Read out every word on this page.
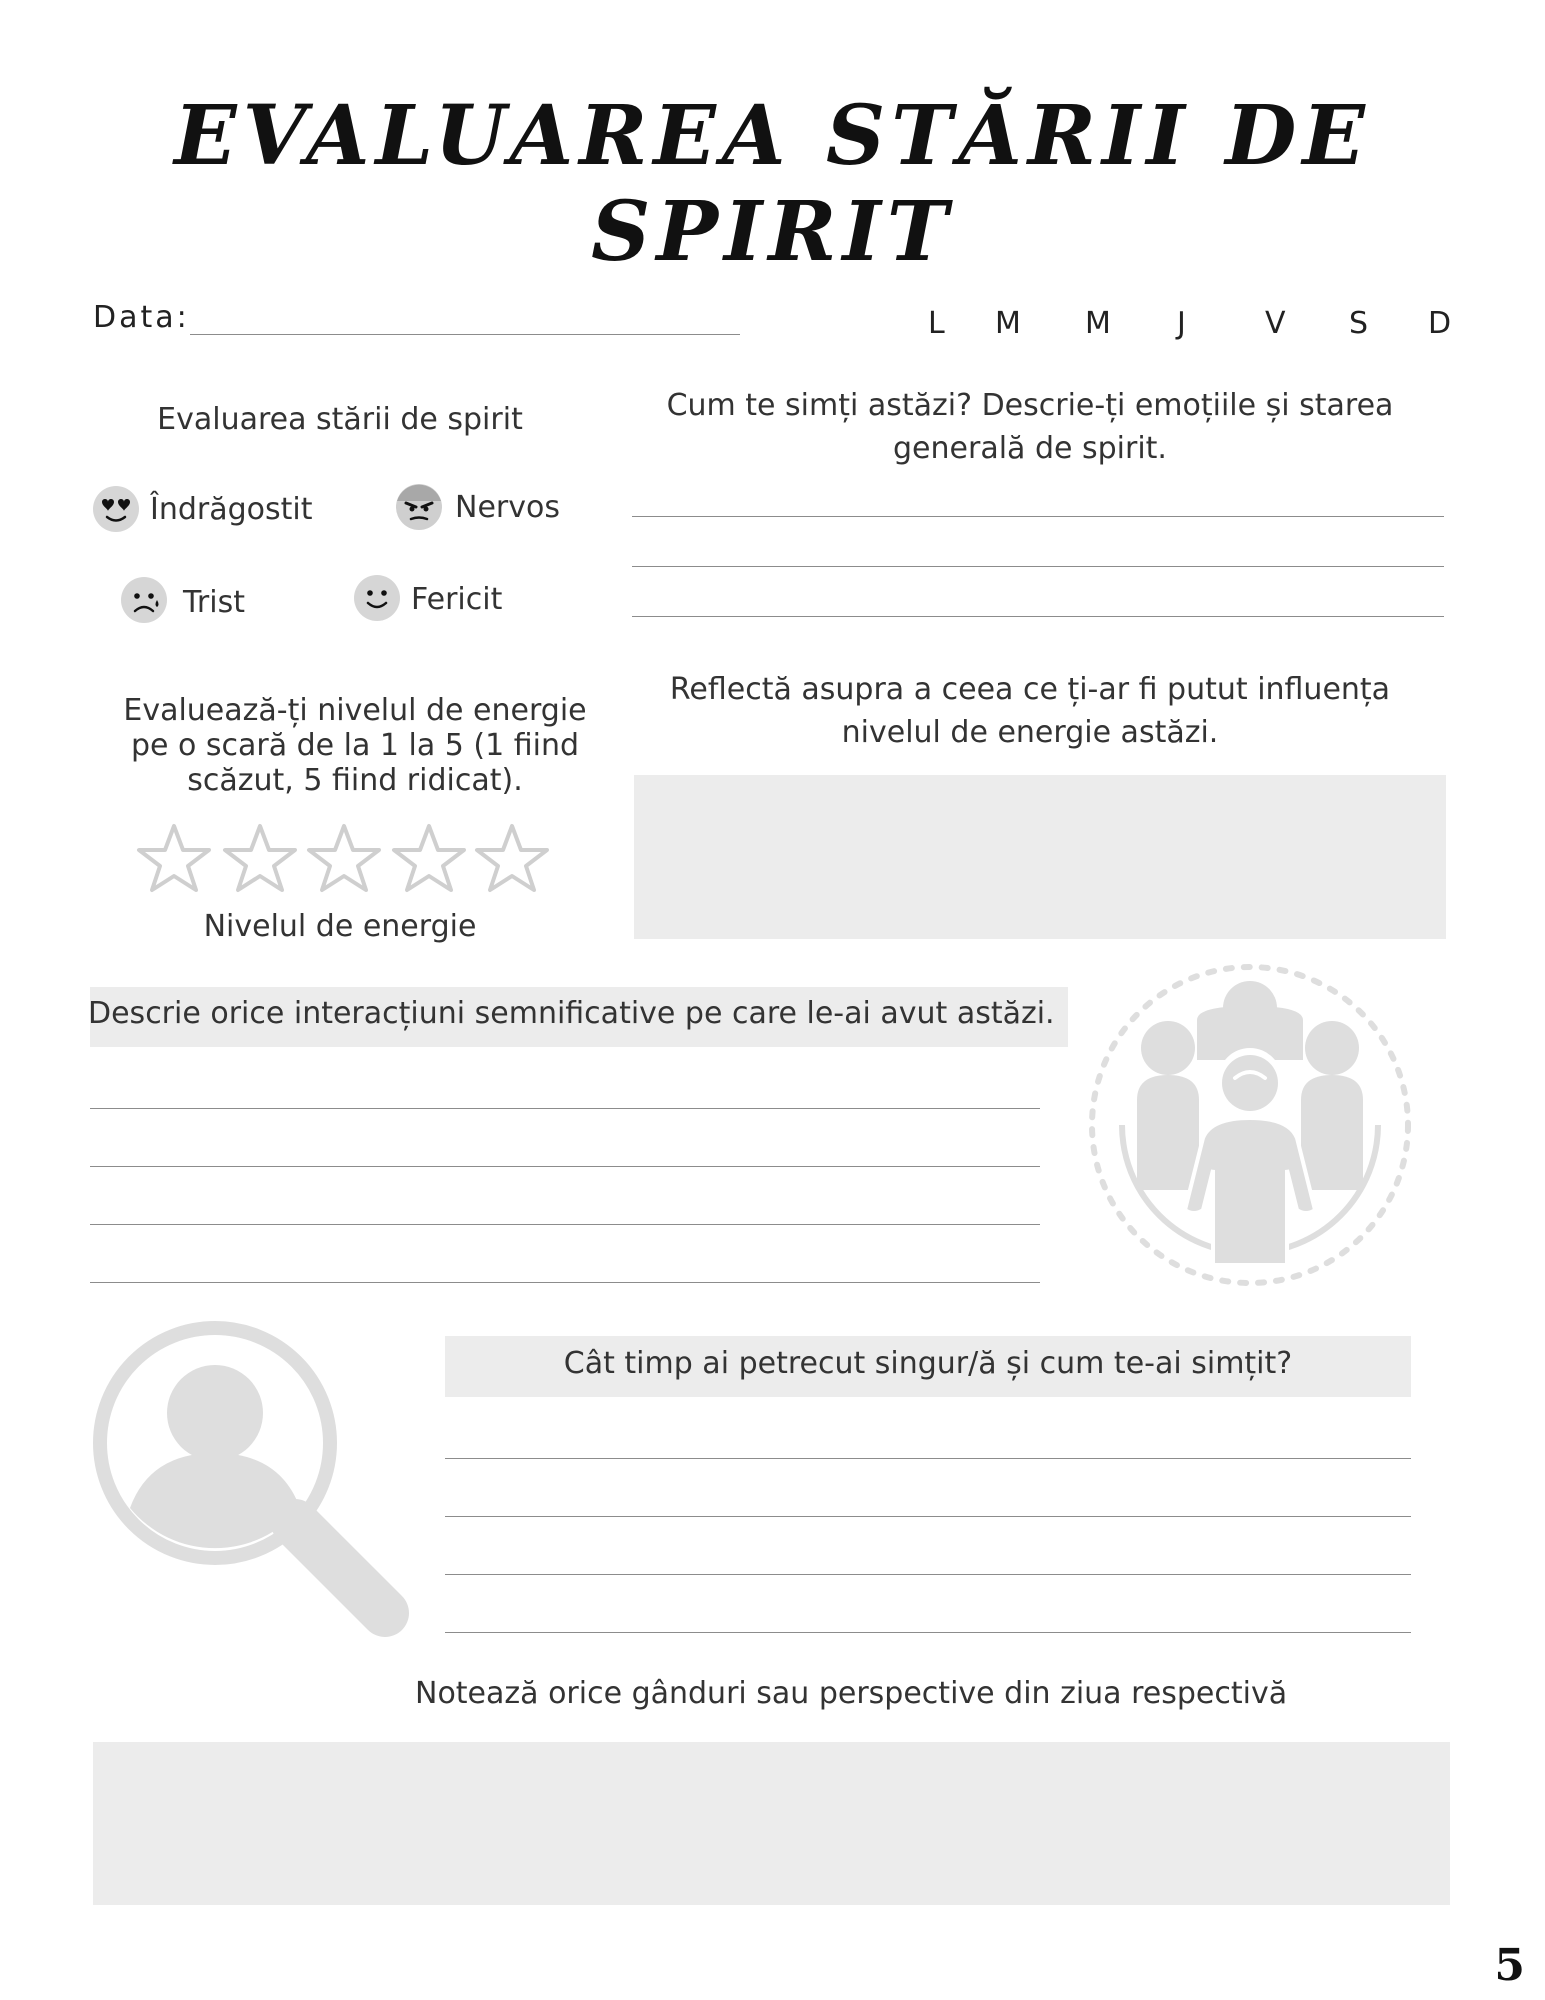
EVALUAREA STĂRII DE SPIRIT
Data:	L M M J	V S D
Evaluarea stării de spirit
Îndrăgostit	Nervos
Trist	Fericit
Cum te simți astăzi? Descrie-ți emoțiile și starea
generală de spirit.
Evaluează-ți nivelul de energie
pe o scară de la 1 la 5 (1 fiind
scăzut, 5 fiind ridicat).
Nivelul de energie
Reflectă asupra a ceea ce ți-ar fi putut influența
nivelul de energie astăzi.
Descrie orice interacțiuni semnificative pe care le-ai avut astăzi.
Cât timp ai petrecut singur/ă și cum te-ai simțit?
Notează orice gânduri sau perspective din ziua respectivă
5
